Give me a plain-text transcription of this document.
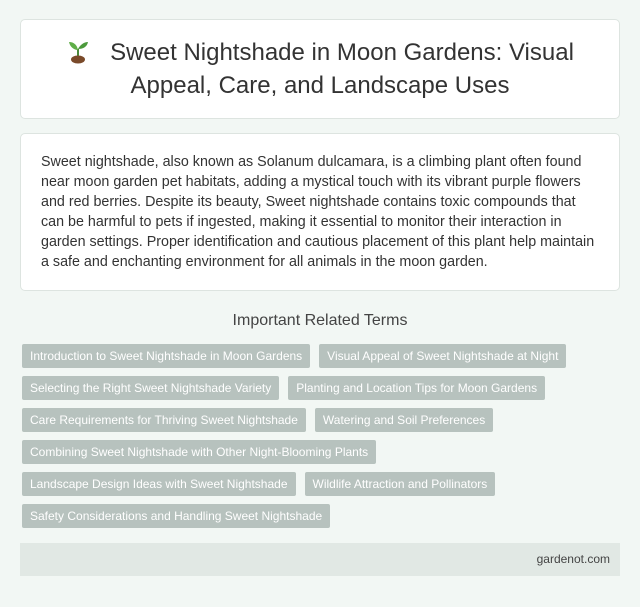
Sweet Nightshade in Moon Gardens: Visual
Appeal, Care, and Landscape Uses

Sweet nightshade, also known as Solanum dulcamara, is a climbing plant often found near moon garden pet habitats, adding a mystical touch with its vibrant purple flowers and red berries. Despite its beauty, Sweet nightshade contains toxic compounds that can be harmful to pets if ingested, making it essential to monitor their interaction in garden settings. Proper identification and cautious placement of this plant help maintain a safe and enchanting environment for all animals in the moon garden.

Important Related Terms
Introduction to Sweet Nightshade in Moon Gardens	Visual Appeal of Sweet Nightshade at Night
Selecting the Right Sweet Nightshade Variety	Planting and Location Tips for Moon Gardens
Care Requirements for Thriving Sweet Nightshade	Watering and Soil Preferences
Combining Sweet Nightshade with Other Night-Blooming Plants
Landscape Design Ideas with Sweet Nightshade	Wildlife Attraction and Pollinators
Safety Considerations and Handling Sweet Nightshade
gardenot.com
